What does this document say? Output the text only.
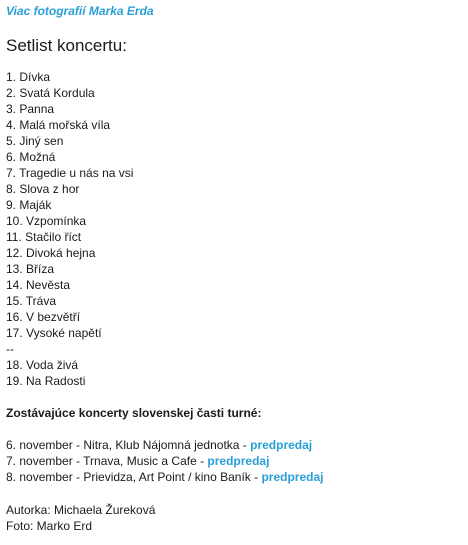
Viac fotografií Marka Erda
Setlist koncertu:
1. Dívka
2. Svatá Kordula
3. Panna
4. Malá mořská víla
5. Jiný sen
6. Možná
7. Tragedie u nás na vsi
8. Slova z hor
9. Maják
10. Vzpomínka
11. Stačilo říct
12. Divoká hejna
13. Bříza
14. Nevěsta
15. Tráva
16. V bezvětří
17. Vysoké napětí
--
18. Voda živá
19. Na Radosti

Zostávajúce koncerty slovenskej časti turné:

6. november - Nitra, Klub Nájomná jednotka - predpredaj
7. november - Trnava, Music a Cafe - predpredaj
8. november - Prievidza, Art Point / kino Baník - predpredaj
Autorka: Michaela Žureková
Foto: Marko Erd
